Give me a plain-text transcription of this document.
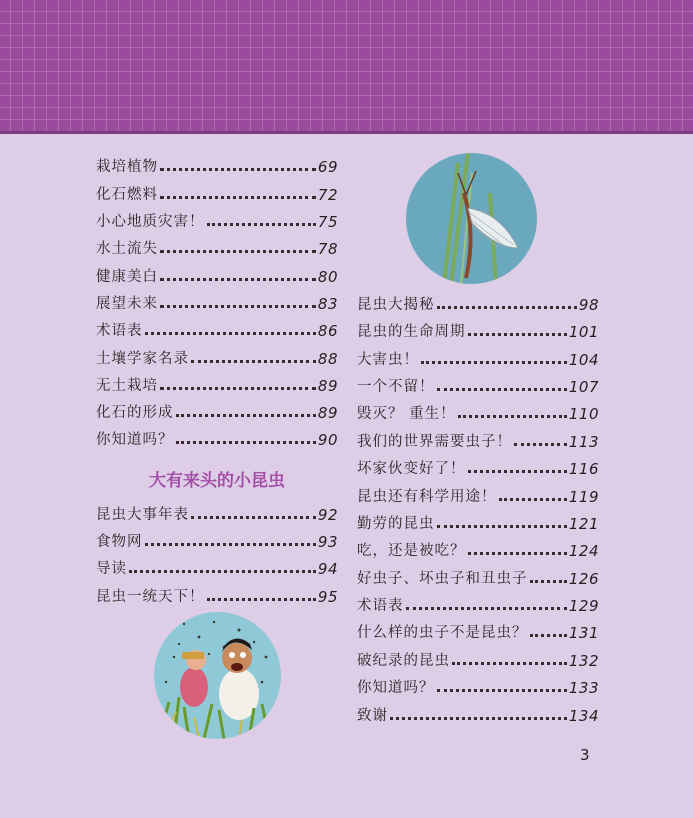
栽培植物	69
化石燃料	72
小心地质灾害！	75
水土流失	78
健康美白	80
展望未来	83
术语表	86
土壤学家名录	88
无土栽培	89
化石的形成	89
你知道吗？	90
大有来头的小昆虫
昆虫大事年表	92
食物网	93
导读	94
昆虫一统天下！	95
昆虫大揭秘	98
昆虫的生命周期	101
大害虫！	104
一个不留！	107
毁灭？ 重生！	110
我们的世界需要虫子！	113
坏家伙变好了！	116
昆虫还有科学用途！	119
勤劳的昆虫	121
吃，还是被吃？	124
好虫子、坏虫子和丑虫子	126
术语表	129
什么样的虫子不是昆虫？	131
破纪录的昆虫	132
你知道吗？	133
致谢	134
3
